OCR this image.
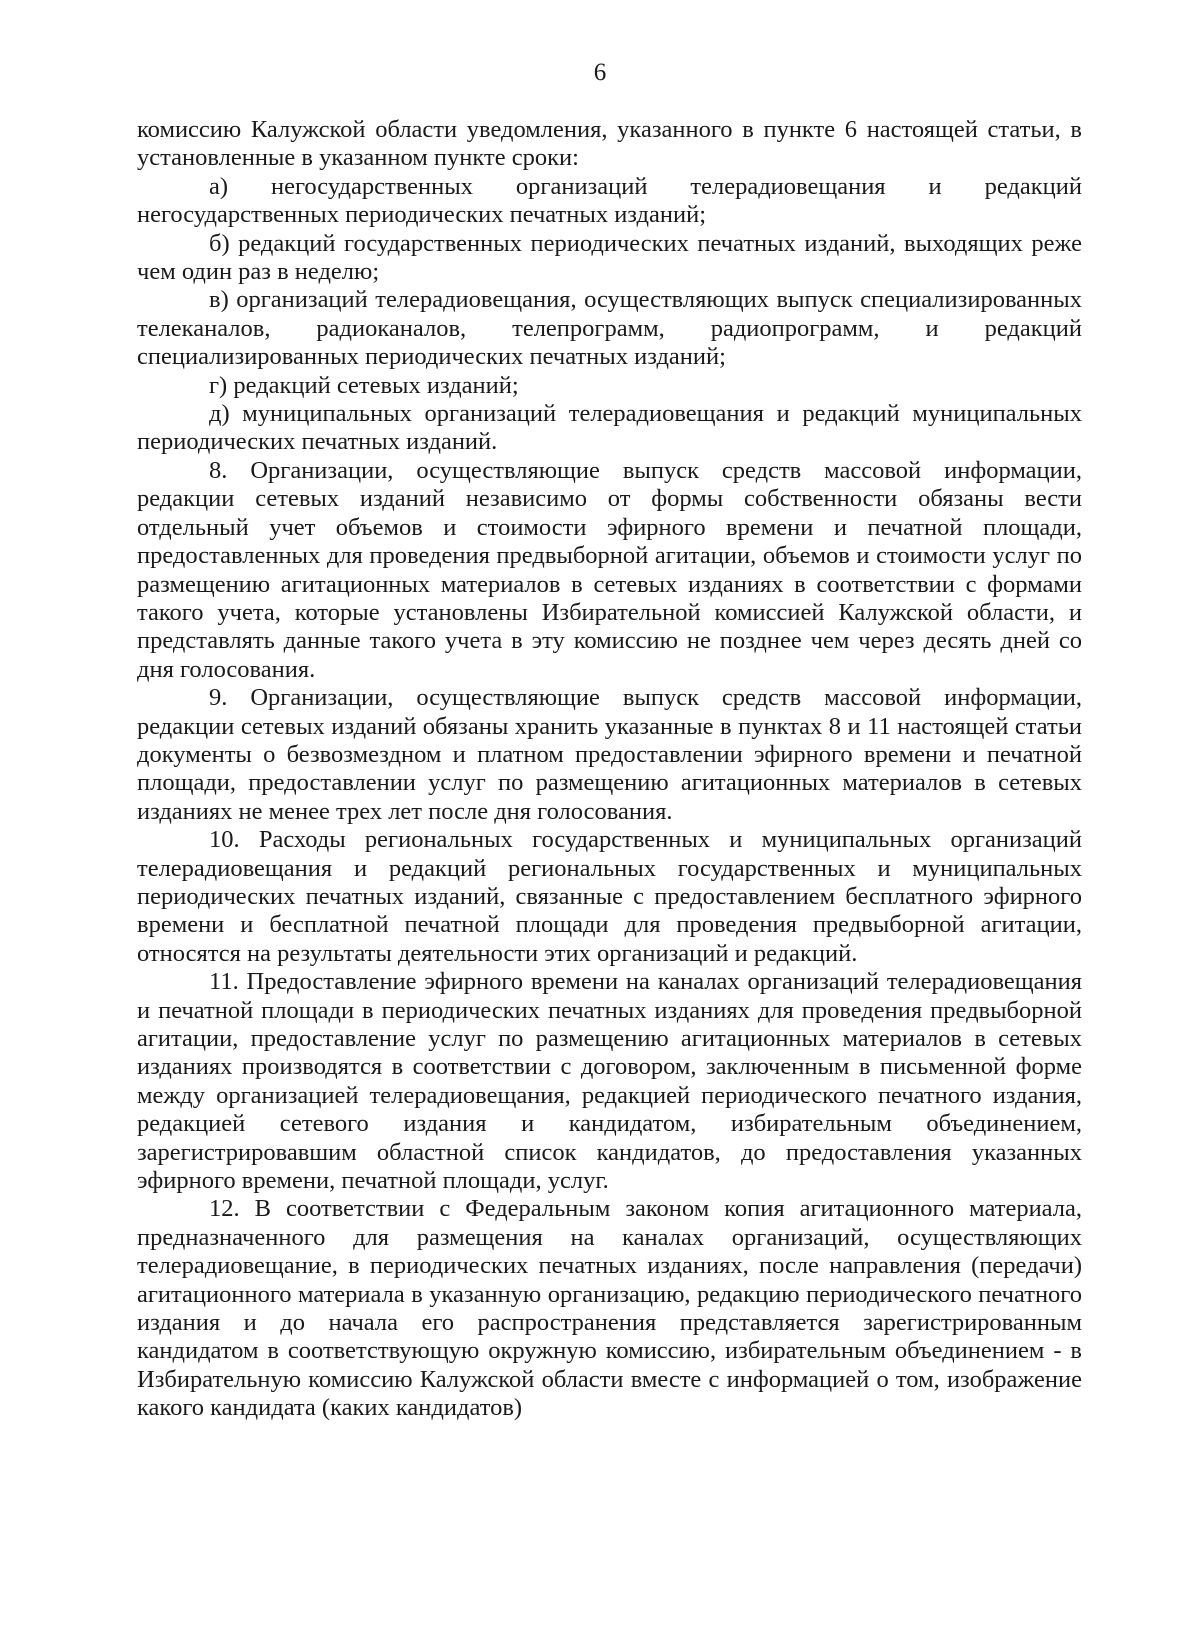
6

комиссию Калужской области уведомления, указанного в пункте 6 настоящей статьи, в установленные в указанном пункте сроки:

а) негосударственных организаций телерадиовещания и редакций негосударственных периодических печатных изданий;

б) редакций государственных периодических печатных изданий, выходящих реже чем один раз в неделю;

в) организаций телерадиовещания, осуществляющих выпуск специализированных телеканалов, радиоканалов, телепрограмм, радиопрограмм, и редакций специализированных периодических печатных изданий;

г) редакций сетевых изданий;

д) муниципальных организаций телерадиовещания и редакций муниципальных периодических печатных изданий.

8. Организации, осуществляющие выпуск средств массовой информации, редакции сетевых изданий независимо от формы собственности обязаны вести отдельный учет объемов и стоимости эфирного времени и печатной площади, предоставленных для проведения предвыборной агитации, объемов и стоимости услуг по размещению агитационных материалов в сетевых изданиях в соответствии с формами такого учета, которые установлены Избирательной комиссией Калужской области, и представлять данные такого учета в эту комиссию не позднее чем через десять дней со дня голосования.

9. Организации, осуществляющие выпуск средств массовой информации, редакции сетевых изданий обязаны хранить указанные в пунктах 8 и 11 настоящей статьи документы о безвозмездном и платном предоставлении эфирного времени и печатной площади, предоставлении услуг по размещению агитационных материалов в сетевых изданиях не менее трех лет после дня голосования.

10. Расходы региональных государственных и муниципальных организаций телерадиовещания и редакций региональных государственных и муниципальных периодических печатных изданий, связанные с предоставлением бесплатного эфирного времени и бесплатной печатной площади для проведения предвыборной агитации, относятся на результаты деятельности этих организаций и редакций.

11. Предоставление эфирного времени на каналах организаций телерадиовещания и печатной площади в периодических печатных изданиях для проведения предвыборной агитации, предоставление услуг по размещению агитационных материалов в сетевых изданиях производятся в соответствии с договором, заключенным в письменной форме между организацией телерадиовещания, редакцией периодического печатного издания, редакцией сетевого издания и кандидатом, избирательным объединением, зарегистрировавшим областной список кандидатов, до предоставления указанных эфирного времени, печатной площади, услуг.

12. В соответствии с Федеральным законом копия агитационного материала, предназначенного для размещения на каналах организаций, осуществляющих телерадиовещание, в периодических печатных изданиях, после направления (передачи) агитационного материала в указанную организацию, редакцию периодического печатного издания и до начала его распространения представляется зарегистрированным кандидатом в соответствующую окружную комиссию, избирательным объединением - в Избирательную комиссию Калужской области вместе с информацией о том, изображение какого кандидата (каких кандидатов)
